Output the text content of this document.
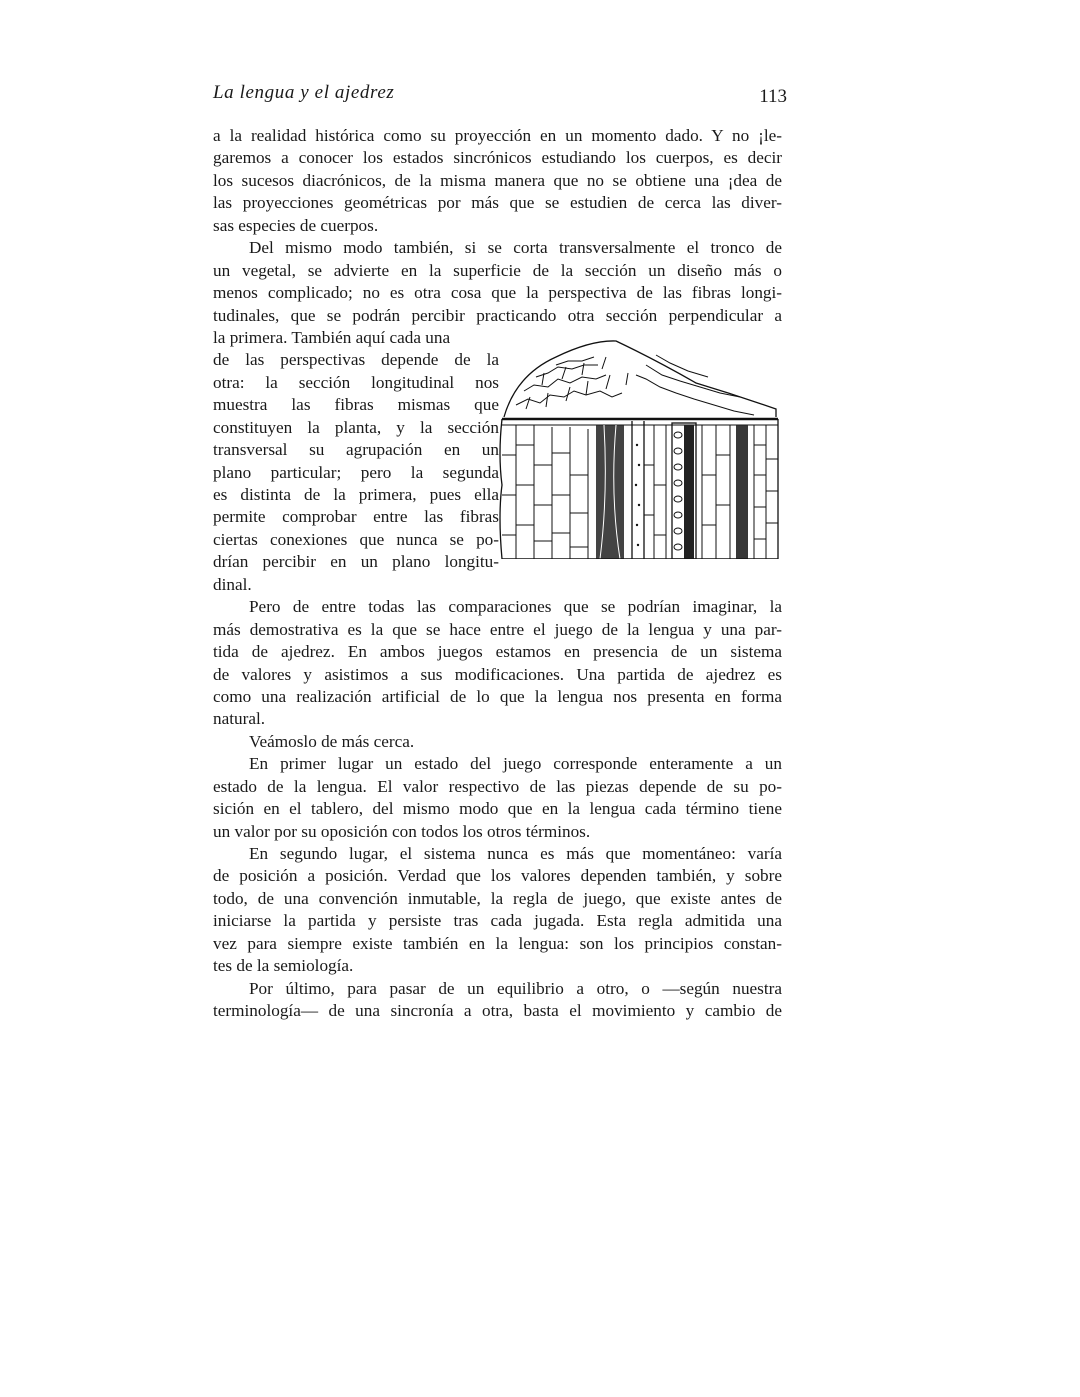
La lengua y el ajedrez	113
a la realidad histórica como su proyección en un momento dado. Y no ¡le-
garemos a conocer los estados sincrónicos estudiando los cuerpos, es decir
los sucesos diacrónicos, de la misma manera que no se obtiene una ¡dea de
las proyecciones geométricas por más que se estudien de cerca las diver-
sas especies de cuerpos.
Del mismo modo también, si se corta transversalmente el tronco de
un vegetal, se advierte en la superficie de la sección un diseño más o
menos complicado; no es otra cosa que la perspectiva de las fibras longi-
tudinales, que se podrán percibir practicando otra sección perpendicular a
la primera. También aquí cada una
de las perspectivas depende de la
otra: la sección longitudinal nos
muestra las fibras mismas que
constituyen la planta, y la sección
transversal su agrupación en un
plano particular; pero la segunda
es distinta de la primera, pues ella
permite comprobar entre las fibras
ciertas conexiones que nunca se po-
drían percibir en un plano longitu-
dinal.
Pero de entre todas las comparaciones que se podrían imaginar, la
más demostrativa es la que se hace entre el juego de la lengua y una par-
tida de ajedrez. En ambos juegos estamos en presencia de un sistema
de valores y asistimos a sus modificaciones. Una partida de ajedrez es
como una realización artificial de lo que la lengua nos presenta en forma
natural.
Veámoslo de más cerca.
En primer lugar un estado del juego corresponde enteramente a un
estado de la lengua. El valor respectivo de las piezas depende de su po-
sición en el tablero, del mismo modo que en la lengua cada término tiene
un valor por su oposición con todos los otros términos.
En segundo lugar, el sistema nunca es más que momentáneo: varía
de posición a posición. Verdad que los valores dependen también, y sobre
todo, de una convención inmutable, la regla de juego, que existe antes de
iniciarse la partida y persiste tras cada jugada. Esta regla admitida una
vez para siempre existe también en la lengua: son los principios constan-
tes de la semiología.
Por último, para pasar de un equilibrio a otro, o —según nuestra
terminología— de una sincronía a otra, basta el movimiento y cambio de
